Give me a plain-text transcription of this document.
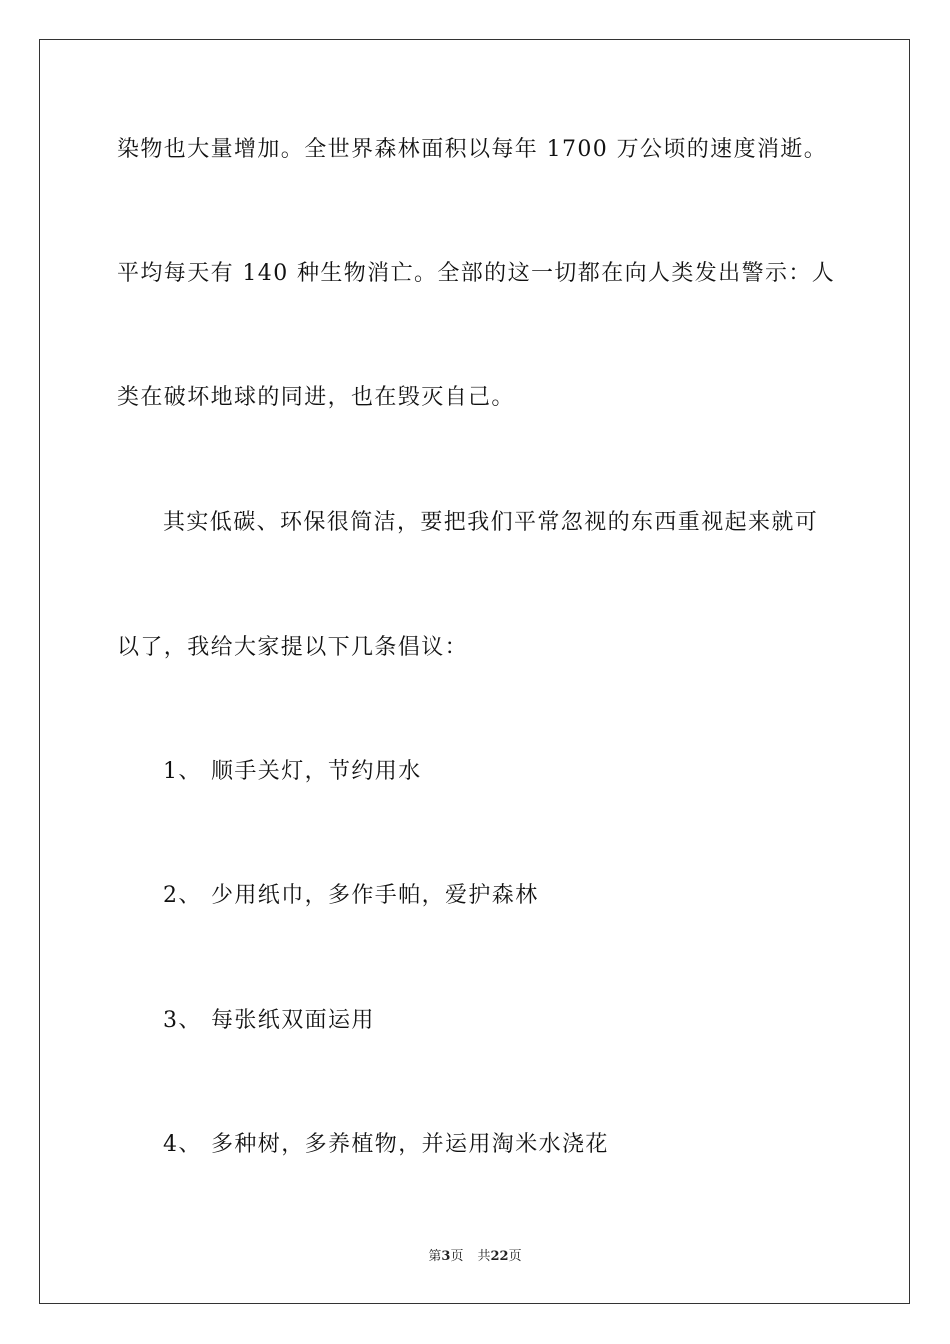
染物也大量增加。全世界森林面积以每年 1700 万公顷的速度消逝。
平均每天有 140 种生物消亡。全部的这一切都在向人类发出警示：人
类在破坏地球的同进，也在毁灭自己。
其实低碳、环保很简洁，要把我们平常忽视的东西重视起来就可
以了，我给大家提以下几条倡议：
1、 顺手关灯，节约用水
2、 少用纸巾，多作手帕，爱护森林
3、 每张纸双面运用
4、 多种树，多养植物，并运用淘米水浇花
第3页 共22页
